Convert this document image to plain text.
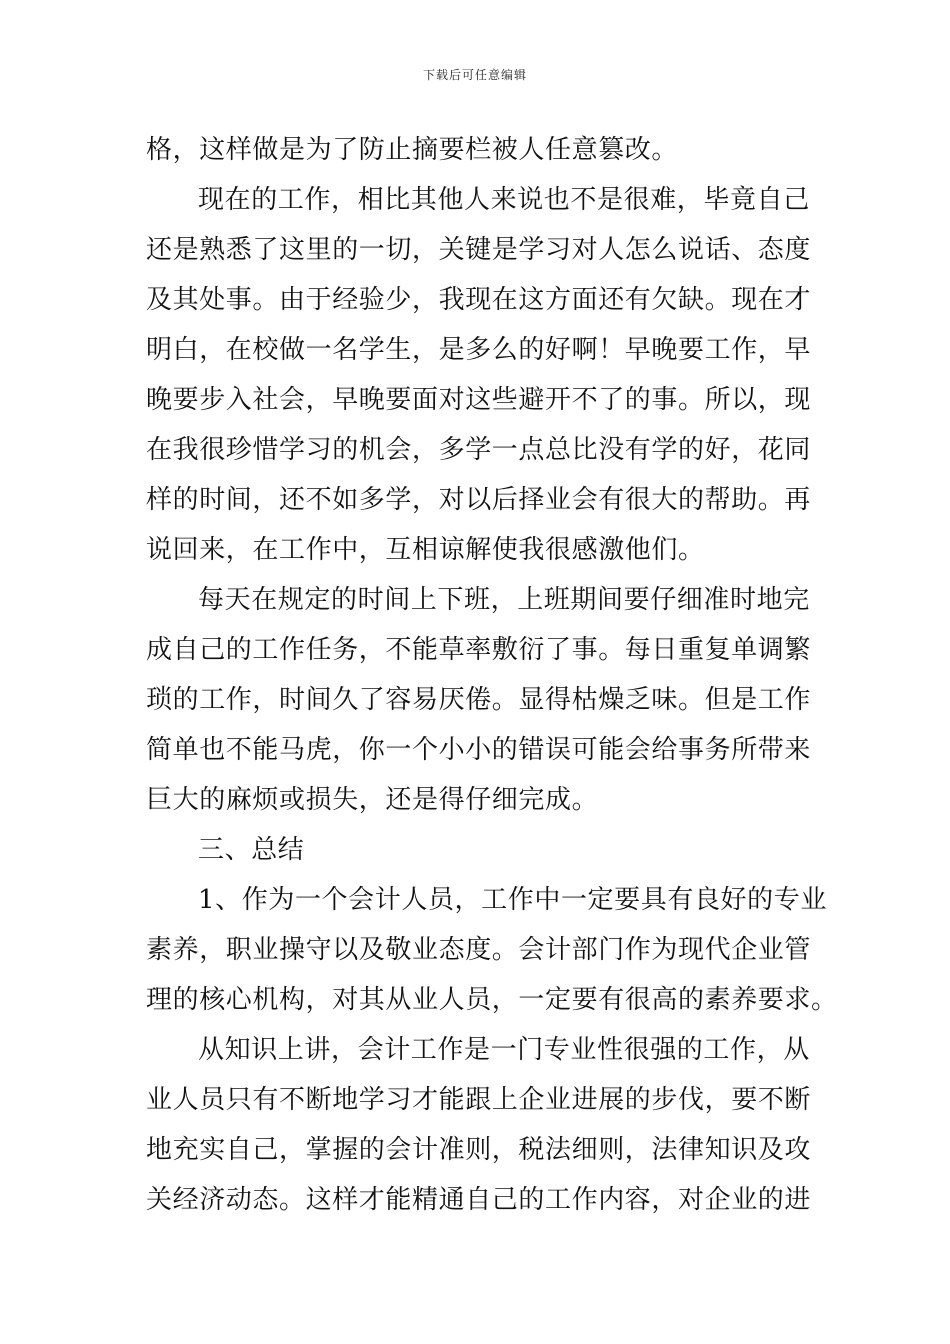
下载后可任意编辑
格，这样做是为了防止摘要栏被人任意篡改。
现在的工作，相比其他人来说也不是很难，毕竟自己
还是熟悉了这里的一切，关键是学习对人怎么说话、态度
及其处事。由于经验少，我现在这方面还有欠缺。现在才
明白，在校做一名学生，是多么的好啊！早晚要工作，早
晚要步入社会，早晚要面对这些避开不了的事。所以，现
在我很珍惜学习的机会，多学一点总比没有学的好，花同
样的时间，还不如多学，对以后择业会有很大的帮助。再
说回来，在工作中，互相谅解使我很感激他们。
每天在规定的时间上下班，上班期间要仔细准时地完
成自己的工作任务，不能草率敷衍了事。每日重复单调繁
琐的工作，时间久了容易厌倦。显得枯燥乏味。但是工作
简单也不能马虎，你一个小小的错误可能会给事务所带来
巨大的麻烦或损失，还是得仔细完成。
三、总结
1、作为一个会计人员，工作中一定要具有良好的专业
素养，职业操守以及敬业态度。会计部门作为现代企业管
理的核心机构，对其从业人员，一定要有很高的素养要求。
从知识上讲，会计工作是一门专业性很强的工作，从
业人员只有不断地学习才能跟上企业进展的步伐，要不断
地充实自己，掌握的会计准则，税法细则，法律知识及攻
关经济动态。这样才能精通自己的工作内容，对企业的进
